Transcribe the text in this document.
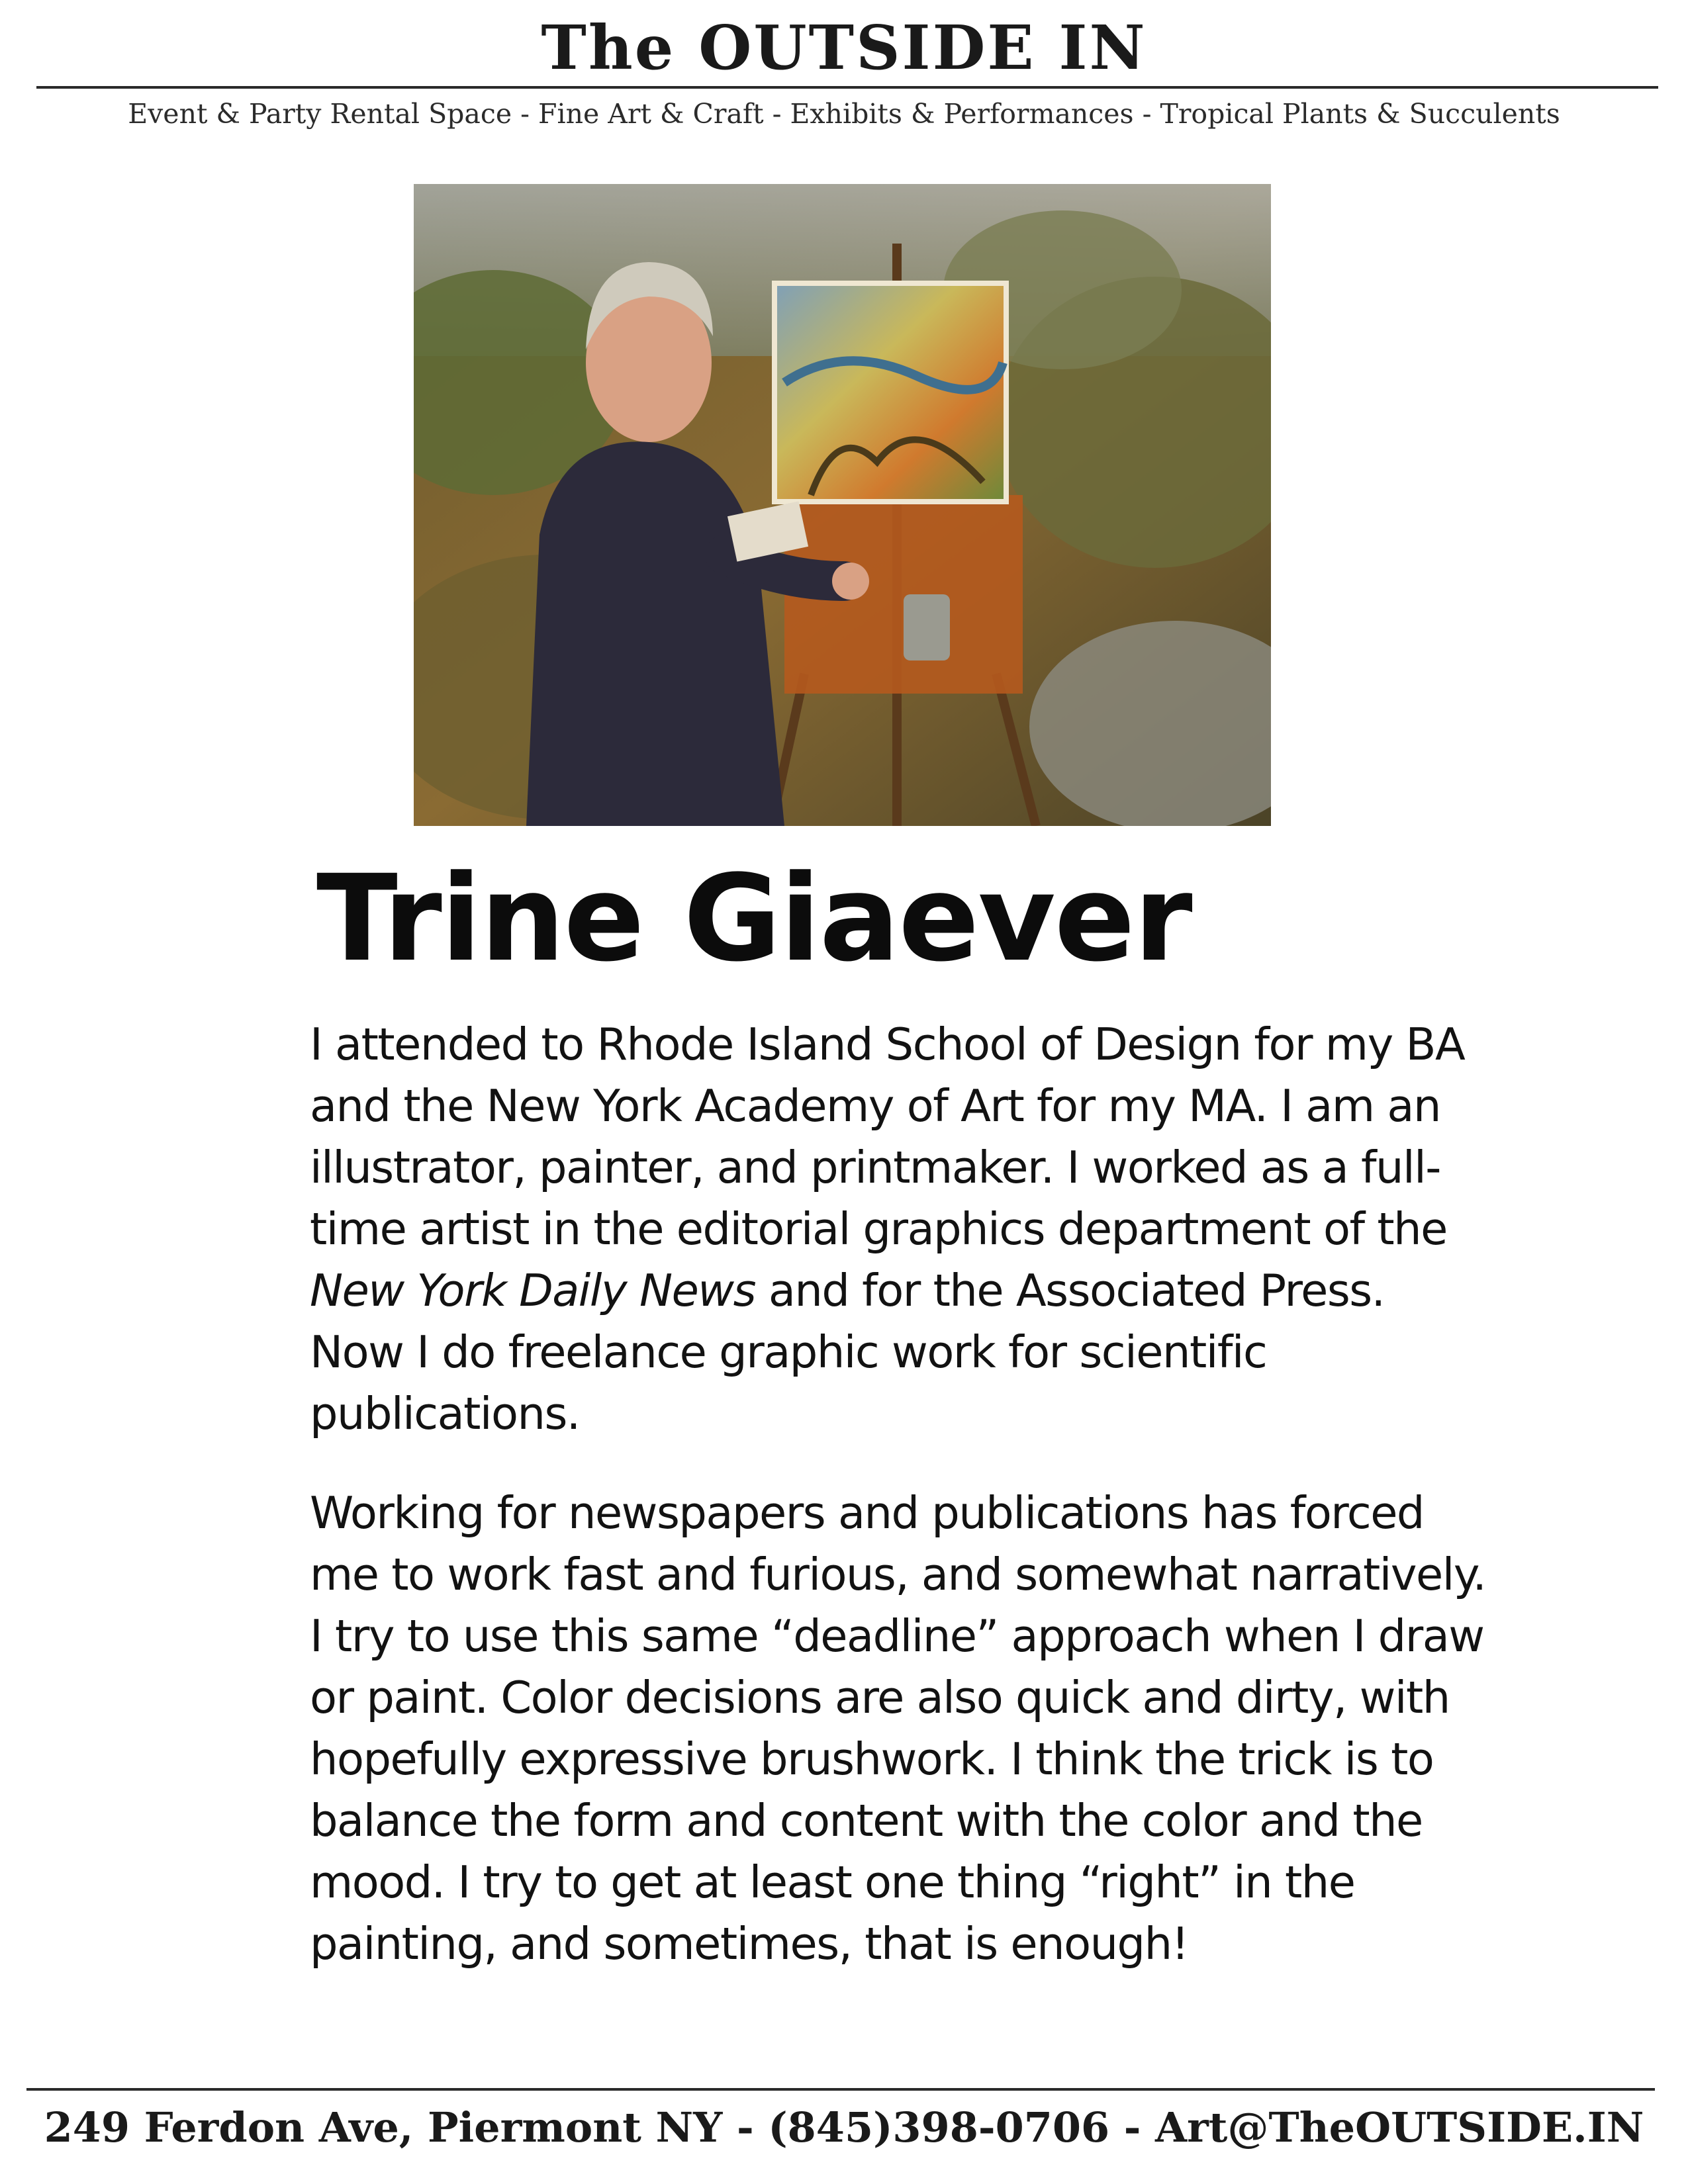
The OUTSIDE IN
Event & Party Rental Space - Fine Art & Craft - Exhibits & Performances - Tropical Plants & Succulents
Trine Giaever

I attended to Rhode Island School of Design for my BA and the New York Academy of Art for my MA. I am an illustrator, painter, and printmaker. I worked as a full-time artist in the editorial graphics department of the New York Daily News and for the Associated Press. Now I do freelance graphic work for scientific publications.

Working for newspapers and publications has forced me to work fast and furious, and somewhat narratively. I try to use this same “deadline” approach when I draw or paint. Color decisions are also quick and dirty, with hopefully expressive brushwork. I think the trick is to balance the form and content with the color and the mood. I try to get at least one thing “right” in the painting, and sometimes, that is enough!

249 Ferdon Ave, Piermont NY - (845)398-0706 - Art@TheOUTSIDE.IN
